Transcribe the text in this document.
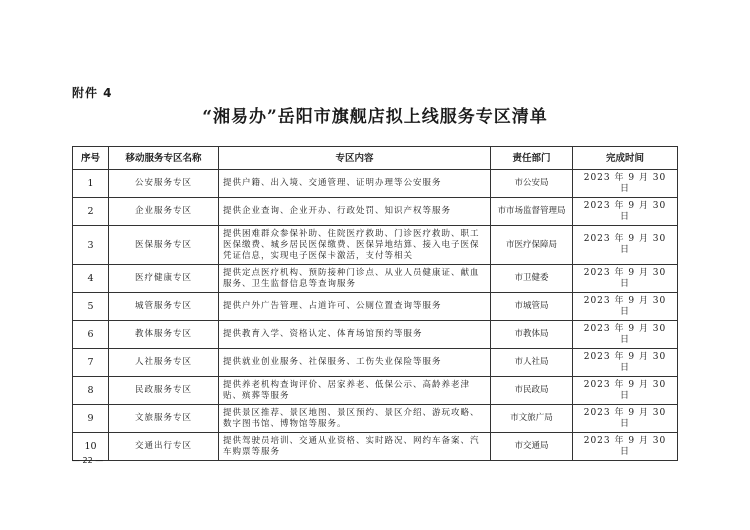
附件 4
“湘易办”岳阳市旗舰店拟上线服务专区清单
序号	移动服务专区名称	专区内容	责任部门	完成时间
1	公安服务专区	提供户籍、出入境、交通管理、证明办理等公安服务	市公安局	2023 年 9 月 30 日
2	企业服务专区	提供企业查询、企业开办、行政处罚、知识产权等服务	市市场监督管理局	2023 年 9 月 30 日
3	医保服务专区	提供困难群众参保补助、住院医疗救助、门诊医疗救助、职工医保缴费、城乡居民医保缴费、医保异地结算、接入电子医保凭证信息，实现电子医保卡激活，支付等相关	市医疗保障局	2023 年 9 月 30 日
4	医疗健康专区	提供定点医疗机构、预防接种门诊点、从业人员健康证、献血服务、卫生监督信息等查询服务	市卫健委	2023 年 9 月 30 日
5	城管服务专区	提供户外广告管理、占道许可、公厕位置查询等服务	市城管局	2023 年 9 月 30 日
6	教体服务专区	提供教育入学、资格认定、体育场馆预约等服务	市教体局	2023 年 9 月 30 日
7	人社服务专区	提供就业创业服务、社保服务、工伤失业保险等服务	市人社局	2023 年 9 月 30 日
8	民政服务专区	提供养老机构查询评价、居家养老、低保公示、高龄养老津贴、殡葬等服务	市民政局	2023 年 9 月 30 日
9	文旅服务专区	提供景区推荐、景区地图、景区预约、景区介绍、游玩攻略、数字图书馆、博物馆等服务。	市文旅广局	2023 年 9 月 30 日
10	交通出行专区	提供驾驶员培训、交通从业资格、实时路况、网约车备案、汽车购票等服务	市交通局	2023 年 9 月 30 日
— 22 —
